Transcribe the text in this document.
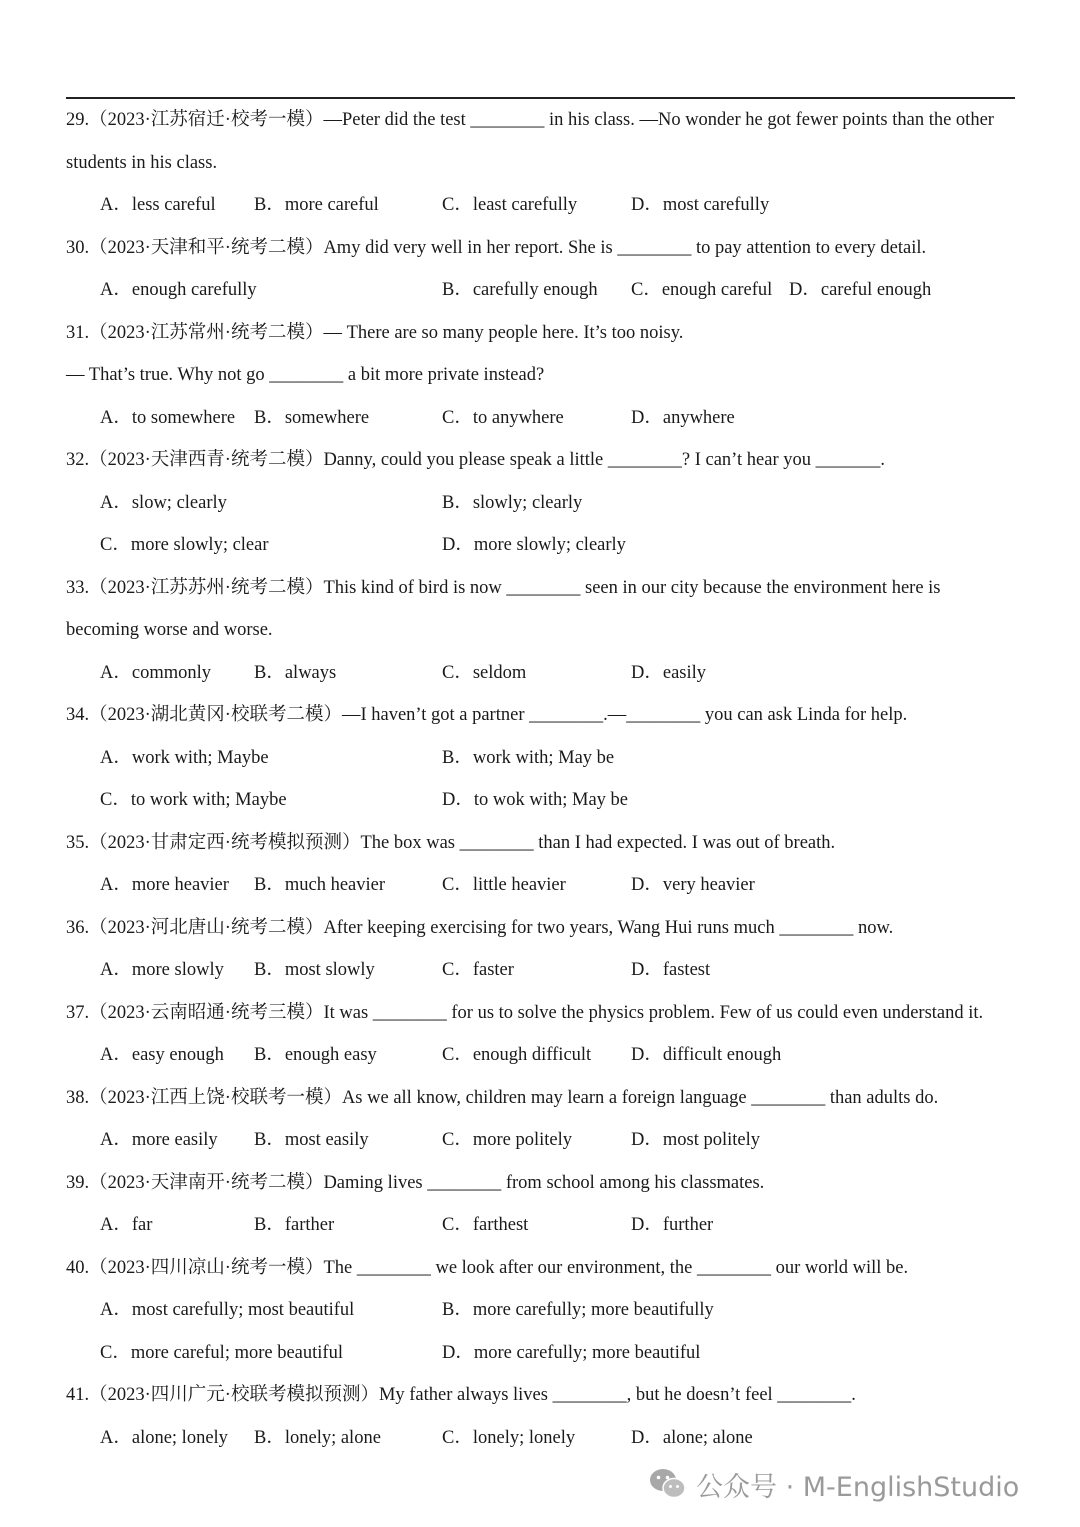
29.（2023·江苏宿迁·校考一模）—Peter did the test ________ in his class. —No wonder he got fewer points than the other
students in his class.
A．less careful B．more careful	C．least carefully	D．most carefully
30.（2023·天津和平·统考二模）Amy did very well in her report. She is ________ to pay attention to every detail.
A．enough carefully	B．carefully enough C．enough careful D．careful enough
31.（2023·江苏常州·统考二模）— There are so many people here. It’s too noisy.
— That’s true. Why not go ________ a bit more private instead?
A．to somewhere B．somewhere	C．to anywhere	D．anywhere
32.（2023·天津西青·统考二模）Danny, could you please speak a little ________? I can’t hear you _______.
A．slow; clearly	B．slowly; clearly
C．more slowly; clear	D．more slowly; clearly
33.（2023·江苏苏州·统考二模）This kind of bird is now ________ seen in our city because the environment here is
becoming worse and worse.
A．commonly B．always	C．seldom	D．easily
34.（2023·湖北黄冈·校联考二模）—I haven’t got a partner ________.—________ you can ask Linda for help.
A．work with; Maybe	B．work with; May be
C．to work with; Maybe	D．to wok with; May be
35.（2023·甘肃定西·统考模拟预测）The box was ________ than I had expected. I was out of breath.
A．more heavier B．much heavier	C．little heavier	D．very heavier
36.（2023·河北唐山·统考二模）After keeping exercising for two years, Wang Hui runs much ________ now.
A．more slowly B．most slowly	C．faster	D．fastest
37.（2023·云南昭通·统考三模）It was ________ for us to solve the physics problem. Few of us could even understand it.
A．easy enough B．enough easy	C．enough difficult D．difficult enough
38.（2023·江西上饶·校联考一模）As we all know, children may learn a foreign language ________ than adults do.
A．more easily B．most easily	C．more politely	D．most politely
39.（2023·天津南开·统考二模）Daming lives ________ from school among his classmates.
A．far	B．farther	C．farthest	D．further
40.（2023·四川凉山·统考一模）The ________ we look after our environment, the ________ our world will be.
A．most carefully; most beautiful	B．more carefully; more beautifully
C．more careful; more beautiful	D．more carefully; more beautiful
41.（2023·四川广元·校联考模拟预测）My father always lives ________, but he doesn’t feel ________.
A．alone; lonely B．lonely; alone	C．lonely; lonely	D．alone; alone
公众号 · M-EnglishStudio
